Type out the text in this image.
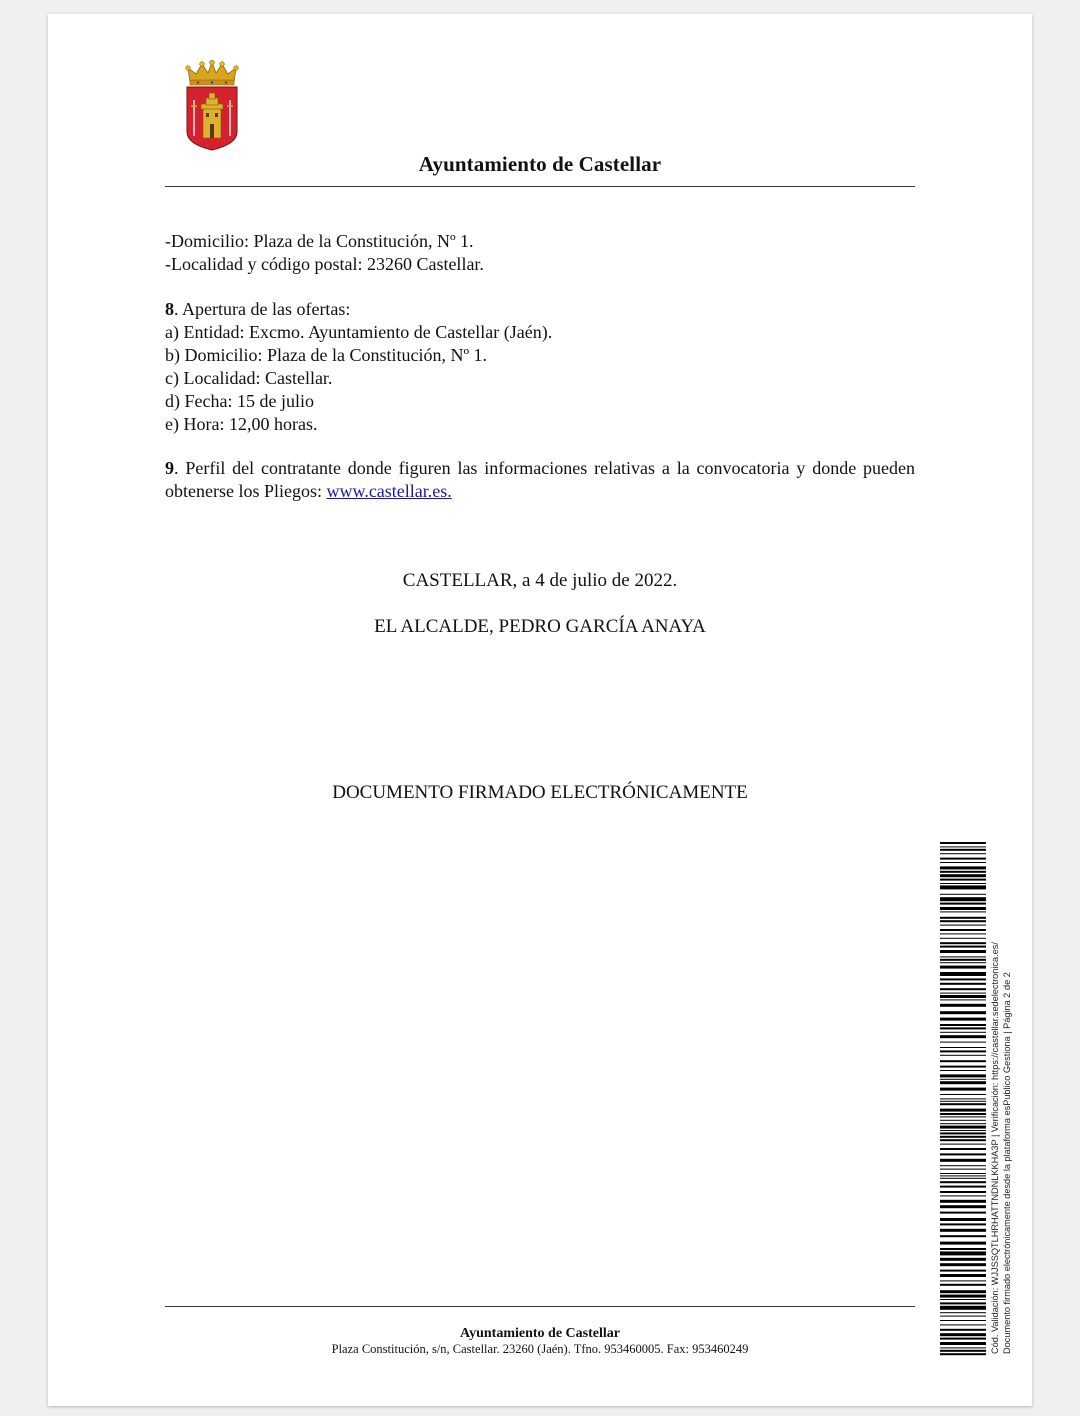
Ayuntamiento de Castellar

-Domicilio: Plaza de la Constitución, Nº 1.

-Localidad y código postal: 23260 Castellar.

8. Apertura de las ofertas:

a) Entidad: Excmo. Ayuntamiento de Castellar (Jaén).

b) Domicilio: Plaza de la Constitución, Nº 1.

c) Localidad: Castellar.

d) Fecha: 15 de julio

e) Hora: 12,00 horas.

9. Perfil del contratante donde figuren las informaciones relativas a la convocatoria y donde pueden obtenerse los Pliegos: www.castellar.es.

CASTELLAR, a 4 de julio de 2022.
EL ALCALDE, PEDRO GARCÍA ANAYA
DOCUMENTO FIRMADO ELECTRÓNICAMENTE
Ayuntamiento de Castellar
Plaza Constitución, s/n, Castellar. 23260 (Jaén). Tfno. 953460005. Fax: 953460249	Cód. Validación: WJJSSQTLHRHATTNDNLKKHA3P | Verificación: https://castellar.sedelectronica.es/ Documento firmado electrónicamente desde la plataforma esPublico Gestiona | Página 2 de 2
